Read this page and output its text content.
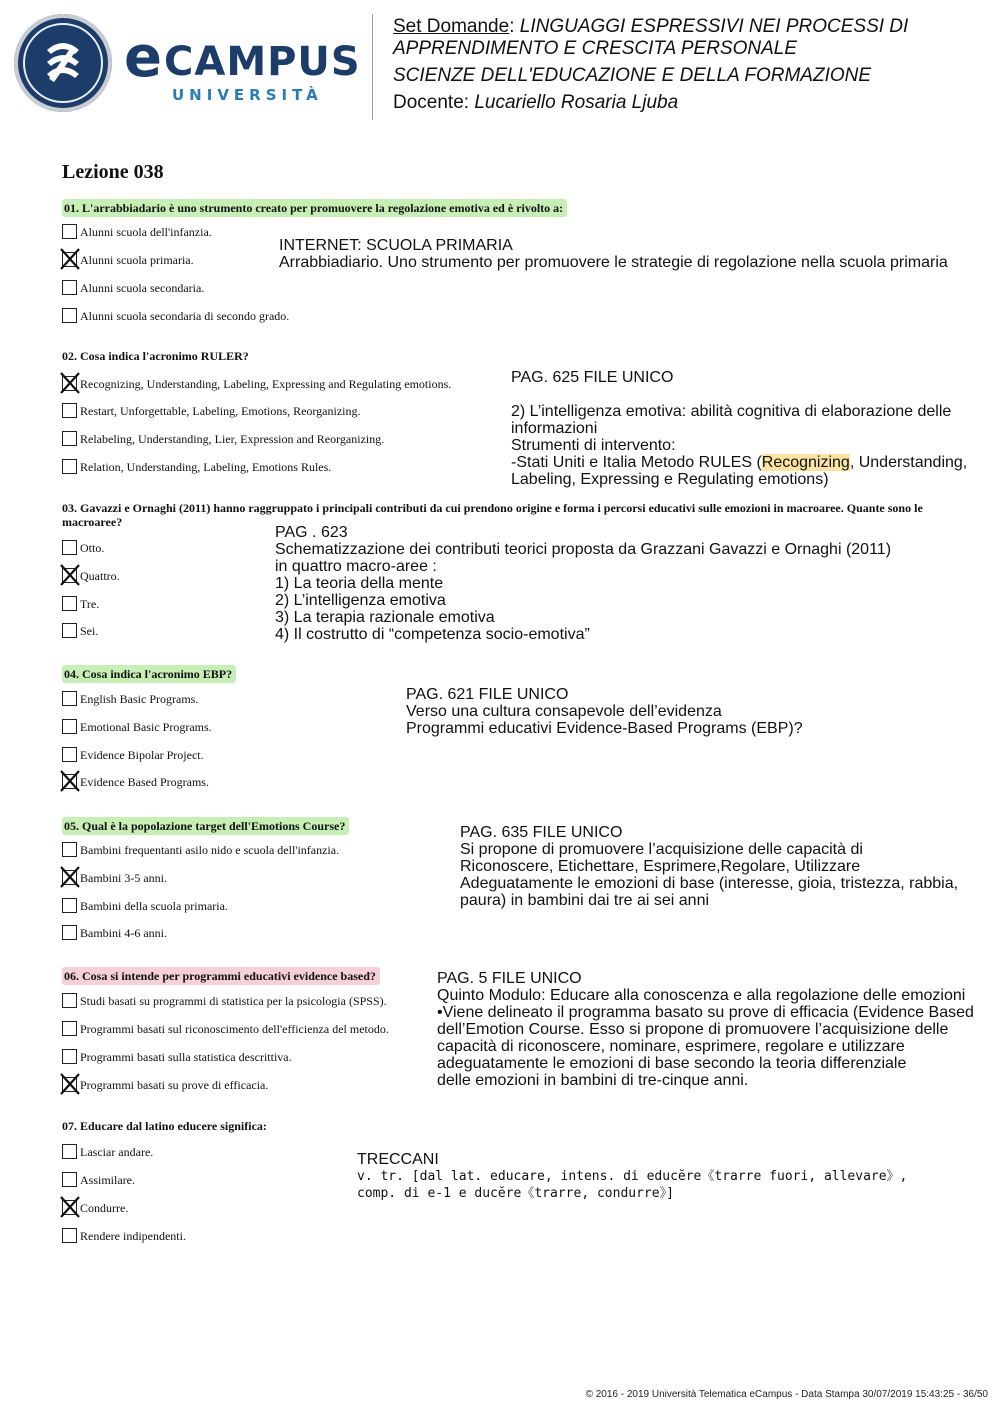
e CAMPUS
UNIVERSITÀ
Set Domande: LINGUAGGI ESPRESSIVI NEI PROCESSI DI
APPRENDIMENTO E CRESCITA PERSONALE
SCIENZE DELL'EDUCAZIONE E DELLA FORMAZIONE
Docente: Lucariello Rosaria Ljuba
Lezione 038
01. L'arrabbiadario è uno strumento creato per promuovere la regolazione emotiva ed è rivolto a:
Alunni scuola dell'infanzia.
Alunni scuola primaria.
Alunni scuola secondaria.
Alunni scuola secondaria di secondo grado.
INTERNET: SCUOLA PRIMARIA
Arrabbiadiario. Uno strumento per promuovere le strategie di regolazione nella scuola primaria
02. Cosa indica l'acronimo RULER?
Recognizing, Understanding, Labeling, Expressing and Regulating emotions.
Restart, Unforgettable, Labeling, Emotions, Reorganizing.
Relabeling, Understanding, Lier, Expression and Reorganizing.
Relation, Understanding, Labeling, Emotions Rules.
PAG. 625 FILE UNICO
2) L’intelligenza emotiva: abilità cognitiva di elaborazione delle
informazioni
Strumenti di intervento:
-Stati Uniti e Italia Metodo RULES (Recognizing, Understanding,
Labeling, Expressing e Regulating emotions)
03. Gavazzi e Ornaghi (2011) hanno raggruppato i principali contributi da cui prendono origine e forma i percorsi educativi sulle emozioni in macroaree. Quante sono le macroaree?
Otto.
Quattro.
Tre.
Sei.
PAG . 623
Schematizzazione dei contributi teorici proposta da Grazzani Gavazzi e Ornaghi (2011)
in quattro macro-aree :
1) La teoria della mente
2) L’intelligenza emotiva
3) La terapia razionale emotiva
4) Il costrutto di “competenza socio-emotiva”
04. Cosa indica l'acronimo EBP?
English Basic Programs.
Emotional Basic Programs.
Evidence Bipolar Project.
Evidence Based Programs.
PAG. 621 FILE UNICO
Verso una cultura consapevole dell’evidenza
Programmi educativi Evidence-Based Programs (EBP)?
05. Qual è la popolazione target dell'Emotions Course?
Bambini frequentanti asilo nido e scuola dell'infanzia.
Bambini 3-5 anni.
Bambini della scuola primaria.
Bambini 4-6 anni.
PAG. 635 FILE UNICO
Si propone di promuovere l’acquisizione delle capacità di
Riconoscere, Etichettare, Esprimere,Regolare, Utilizzare
Adeguatamente le emozioni di base (interesse, gioia, tristezza, rabbia,
paura) in bambini dai tre ai sei anni
06. Cosa si intende per programmi educativi evidence based?
Studi basati su programmi di statistica per la psicologia (SPSS).
Programmi basati sul riconoscimento dell'efficienza del metodo.
Programmi basati sulla statistica descrittiva.
Programmi basati su prove di efficacia.
PAG. 5 FILE UNICO
Quinto Modulo: Educare alla conoscenza e alla regolazione delle emozioni
•Viene delineato il programma basato su prove di efficacia (Evidence Based
dell’Emotion Course. Esso si propone di promuovere l’acquisizione delle
capacità di riconoscere, nominare, esprimere, regolare e utilizzare
adeguatamente le emozioni di base secondo la teoria differenziale
delle emozioni in bambini di tre-cinque anni.
07. Educare dal latino educere significa:
Lasciar andare.
Assimilare.
Condurre.
Rendere indipendenti.
TRECCANI
v. tr. [dal lat. educare, intens. di educĕre《trarre fuori, allevare》,
comp. di e-1 e ducĕre《trarre, condurre》]
© 2016 - 2019 Università Telematica eCampus - Data Stampa 30/07/2019 15:43:25 - 36/50
